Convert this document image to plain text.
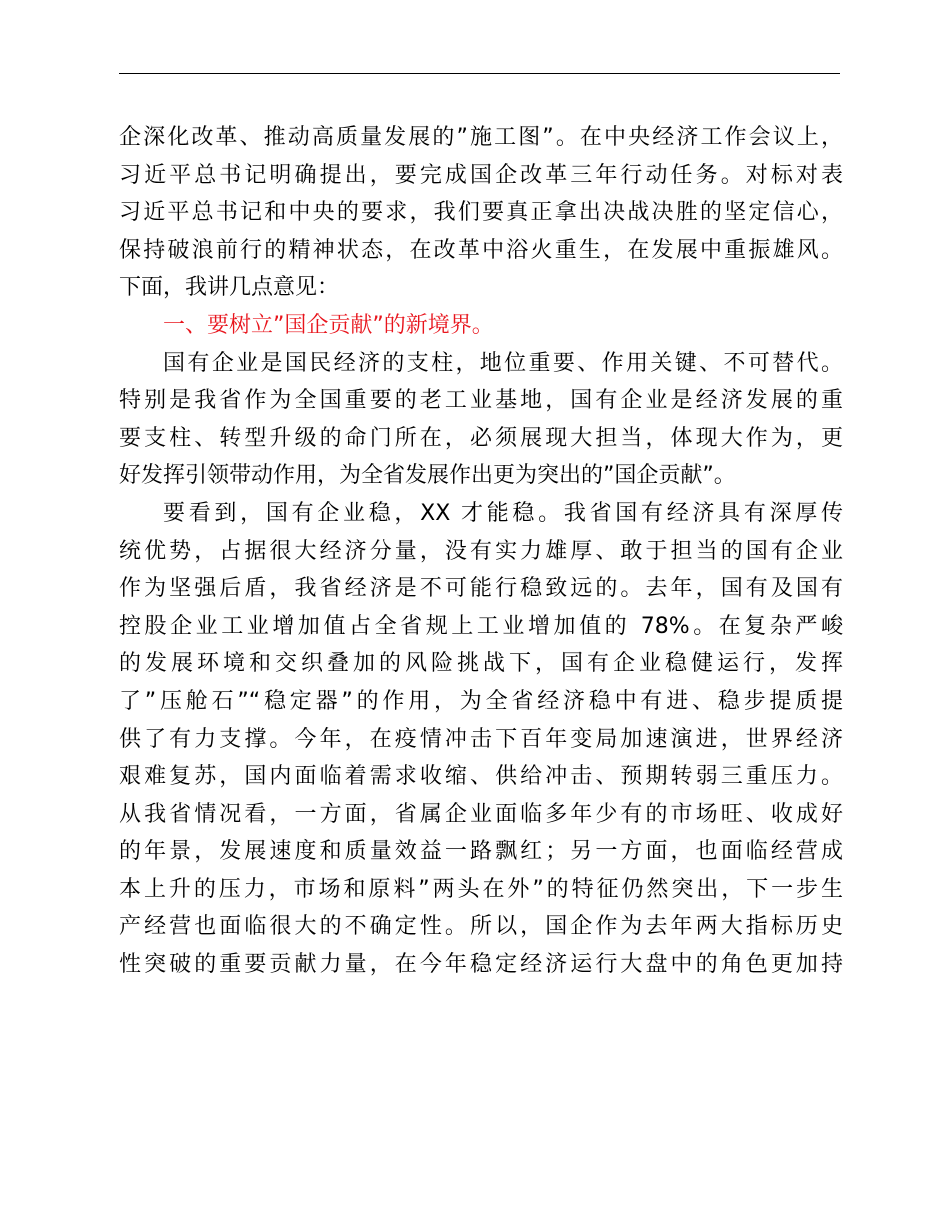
企深化改革、推动高质量发展的”施工图”。在中央经济工作会议上，
习近平总书记明确提出，要完成国企改革三年行动任务。对标对表
习近平总书记和中央的要求，我们要真正拿出决战决胜的坚定信心，
保持破浪前行的精神状态，在改革中浴火重生，在发展中重振雄风。
下面，我讲几点意见：
一、要树立”国企贡献”的新境界。
国有企业是国民经济的支柱，地位重要、作用关键、不可替代。
特别是我省作为全国重要的老工业基地，国有企业是经济发展的重
要支柱、转型升级的命门所在，必须展现大担当，体现大作为，更
好发挥引领带动作用，为全省发展作出更为突出的”国企贡献”。
要看到，国有企业稳，XX 才能稳。我省国有经济具有深厚传
统优势，占据很大经济分量，没有实力雄厚、敢于担当的国有企业
作为坚强后盾，我省经济是不可能行稳致远的。去年，国有及国有
控股企业工业增加值占全省规上工业增加值的 78%。在复杂严峻
的发展环境和交织叠加的风险挑战下，国有企业稳健运行，发挥
了”压舱石”“稳定器”的作用，为全省经济稳中有进、稳步提质提
供了有力支撑。今年，在疫情冲击下百年变局加速演进，世界经济
艰难复苏，国内面临着需求收缩、供给冲击、预期转弱三重压力。
从我省情况看，一方面，省属企业面临多年少有的市场旺、收成好
的年景，发展速度和质量效益一路飘红；另一方面，也面临经营成
本上升的压力，市场和原料”两头在外”的特征仍然突出，下一步生
产经营也面临很大的不确定性。所以，国企作为去年两大指标历史
性突破的重要贡献力量，在今年稳定经济运行大盘中的角色更加持
